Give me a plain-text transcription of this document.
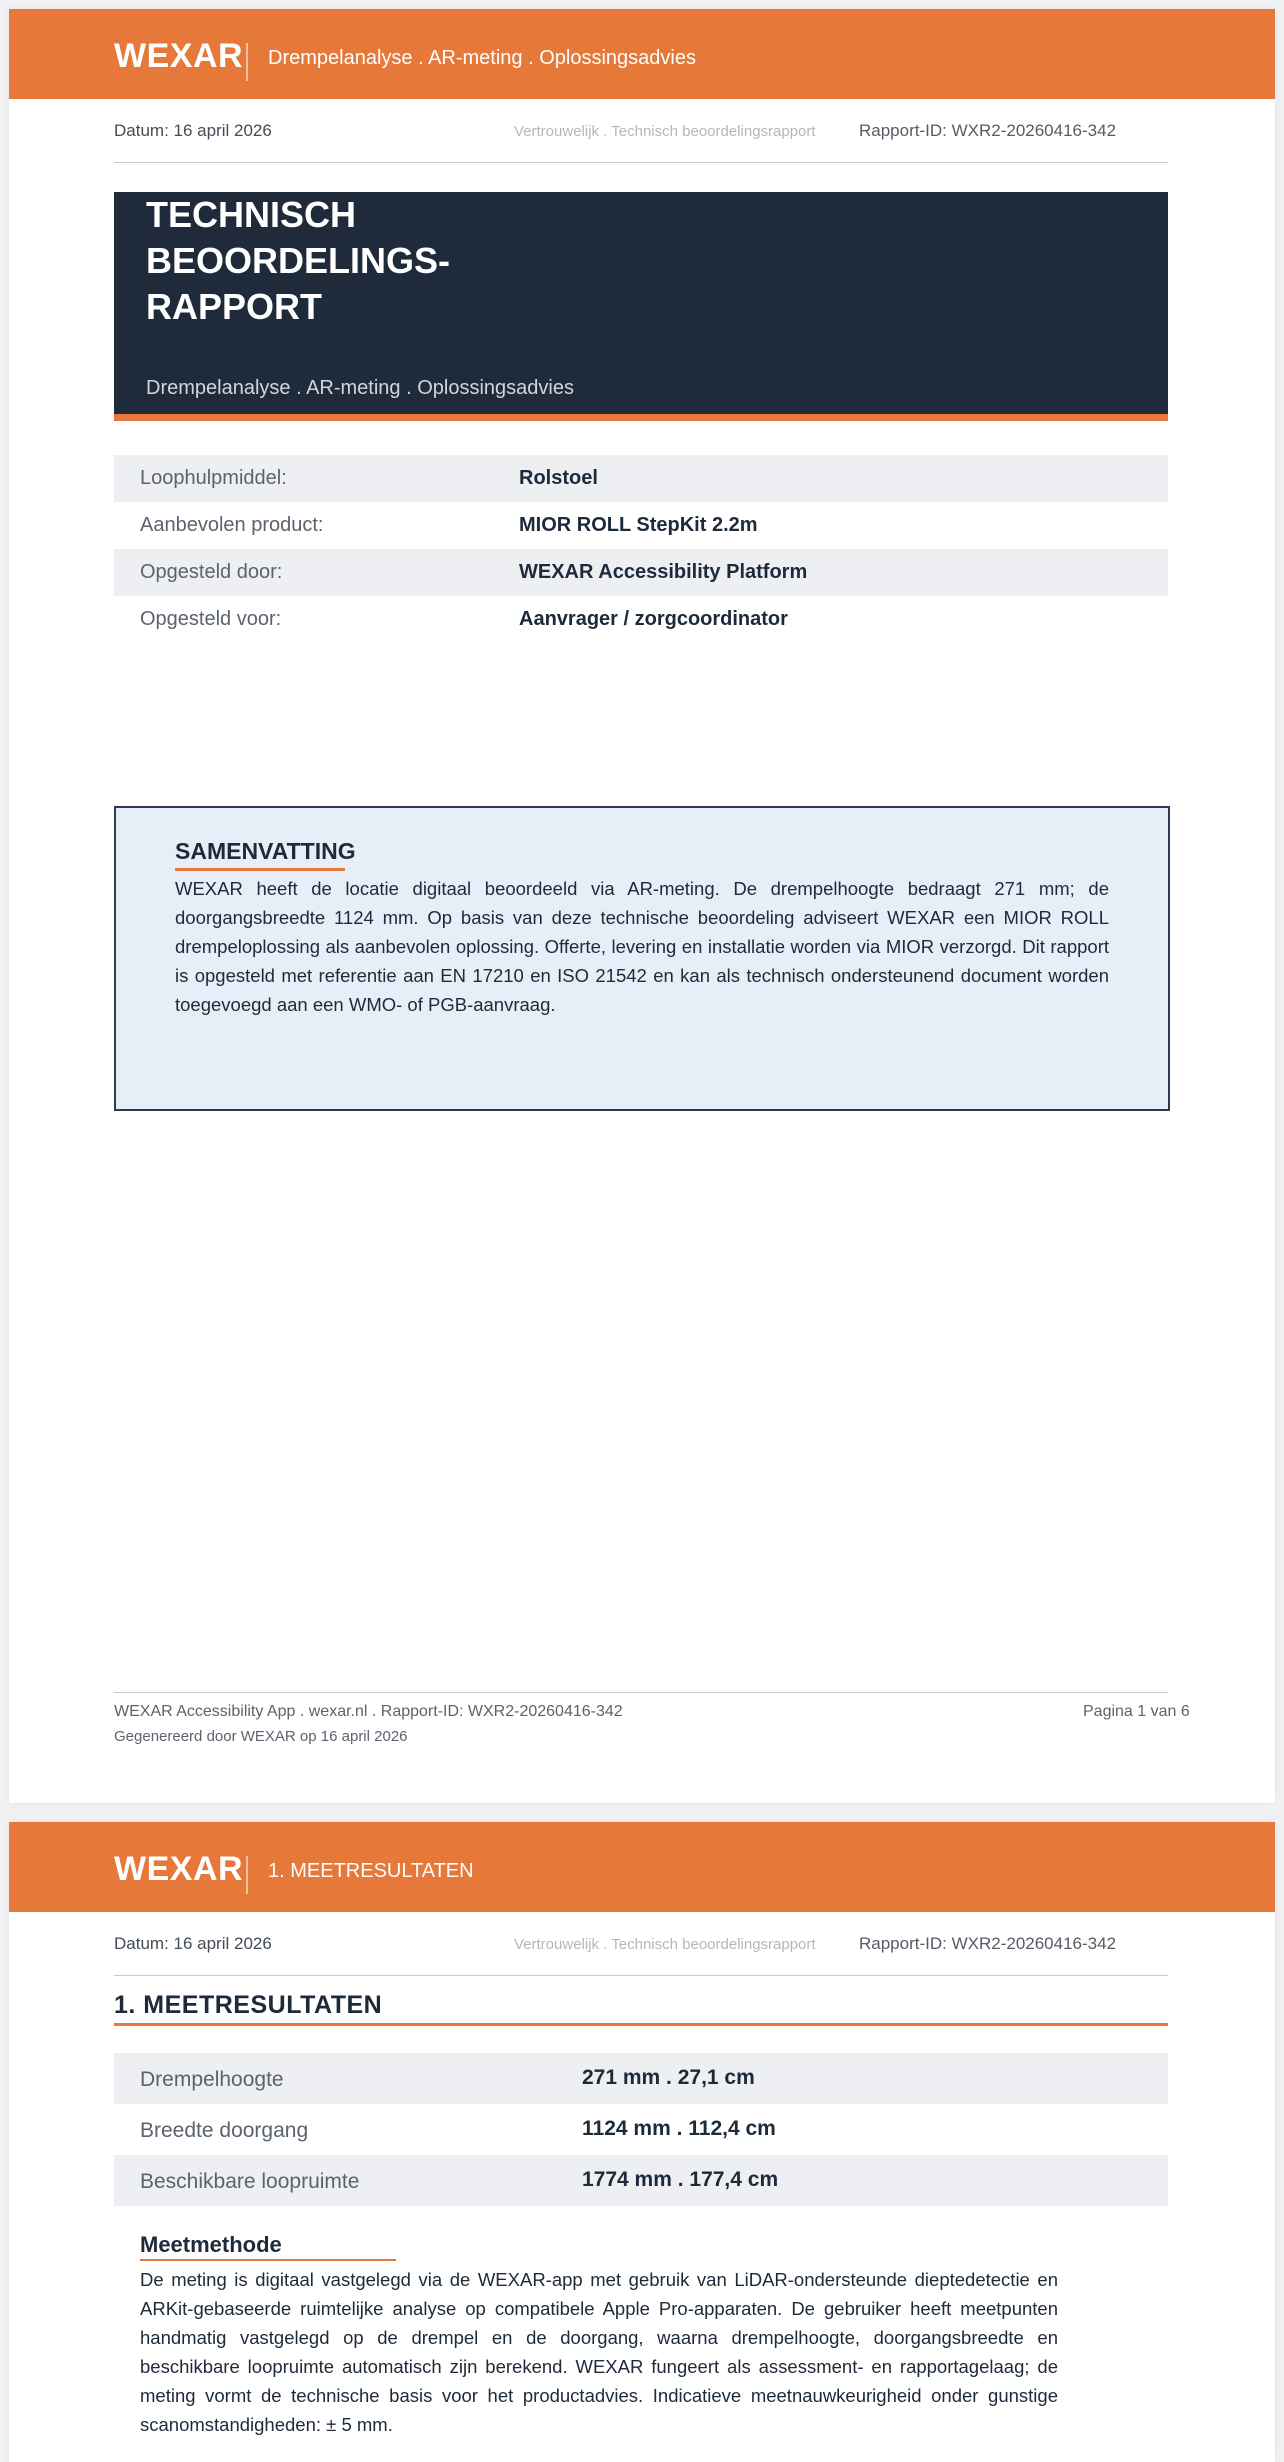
WEXAR Drempelanalyse . AR-meting . Oplossingsadvies
Datum: 16 april 2026	Vertrouwelijk . Technisch beoordelingsrapport	Rapport-ID: WXR2-20260416-342
TECHNISCH
BEOORDELINGS-
RAPPORT
Drempelanalyse . AR-meting . Oplossingsadvies
Loophulpmiddel:	Rolstoel
Aanbevolen product:	MIOR ROLL StepKit 2.2m
Opgesteld door:	WEXAR Accessibility Platform
Opgesteld voor:	Aanvrager / zorgcoordinator
SAMENVATTING
WEXAR heeft de locatie digitaal beoordeeld via AR-meting. De drempelhoogte bedraagt 271 mm; de doorgangsbreedte 1124 mm. Op basis van deze technische beoordeling adviseert WEXAR een MIOR ROLL drempeloplossing als aanbevolen oplossing. Offerte, levering en installatie worden via MIOR verzorgd. Dit rapport is opgesteld met referentie aan EN 17210 en ISO 21542 en kan als technisch ondersteunend document worden toegevoegd aan een WMO- of PGB-aanvraag.
WEXAR Accessibility App . wexar.nl . Rapport-ID: WXR2-20260416-342
Gegenereerd door WEXAR op 16 april 2026
Pagina 1 van 6
WEXAR 1. MEETRESULTATEN
Datum: 16 april 2026	Vertrouwelijk . Technisch beoordelingsrapport	Rapport-ID: WXR2-20260416-342
1. MEETRESULTATEN
Drempelhoogte	271 mm . 27,1 cm
Breedte doorgang	1124 mm . 112,4 cm
Beschikbare loopruimte	1774 mm . 177,4 cm
Meetmethode
De meting is digitaal vastgelegd via de WEXAR-app met gebruik van LiDAR-ondersteunde dieptedetectie en ARKit-gebaseerde ruimtelijke analyse op compatibele Apple Pro-apparaten. De gebruiker heeft meetpunten handmatig vastgelegd op de drempel en de doorgang, waarna drempelhoogte, doorgangsbreedte en beschikbare loopruimte automatisch zijn berekend. WEXAR fungeert als assessment- en rapportagelaag; de meting vormt de technische basis voor het productadvies. Indicatieve meetnauwkeurigheid onder gunstige scanomstandigheden: ± 5 mm.
